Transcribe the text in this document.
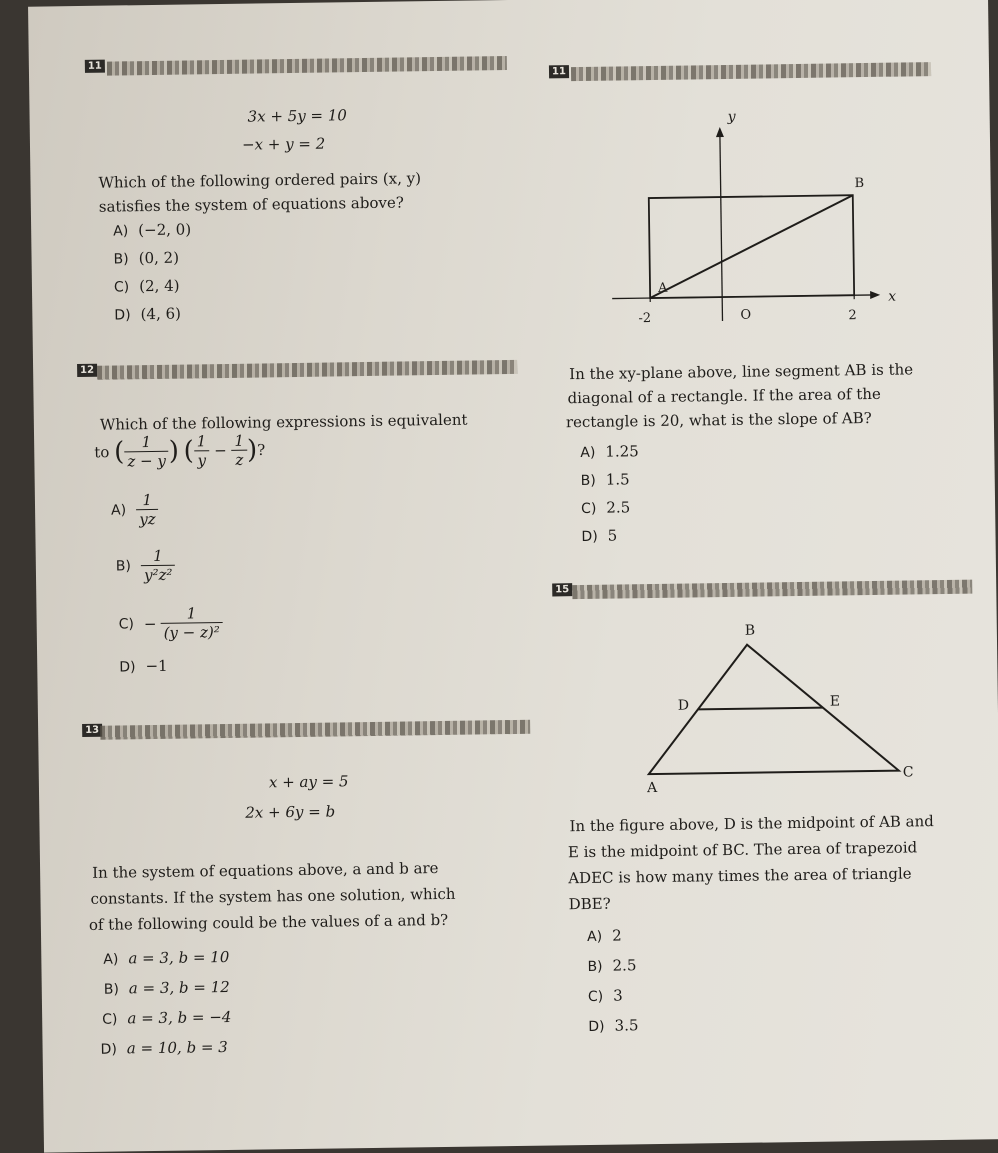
11	11
3x + 5y = 10
−x + y = 2
Which of the following ordered pairs (x, y)
satisfies the system of equations above?
A) (−2, 0)
B) (0, 2)
C) (2, 4)
D) (4, 6)
12
Which of the following expressions is equivalent
to ( $\frac{1}{z - y}$ ) ( $\frac{1}{y} - \frac{1}{z}$ )?
$A) \frac{1}{yz}$
$B) \frac{1}{\text{y²z²}}$
$C) - \frac{1}{\text{(y − z)²}}$
D) −1
13
x + ay = 5
2x + 6y = b
In the system of equations above, a and b are
constants. If the system has one solution, which
of the following could be the values of a and b?
A) a = 3, b = 10
B) a = 3, b = 12
C) a = 3, b = −4
D) a = 10, b = 3
y
x
B
A
O
-2	2
In the xy-plane above, line segment AB is the
diagonal of a rectangle. If the area of the
rectangle is 20, what is the slope of AB?
A) 1.25
B) 1.5
C) 2.5
D) 5
15
B
D	E
A
C
In the figure above, D is the midpoint of AB and
E is the midpoint of BC. The area of trapezoid
ADEC is how many times the area of triangle
DBE?
A) 2
B) 2.5
C) 3
D) 3.5
